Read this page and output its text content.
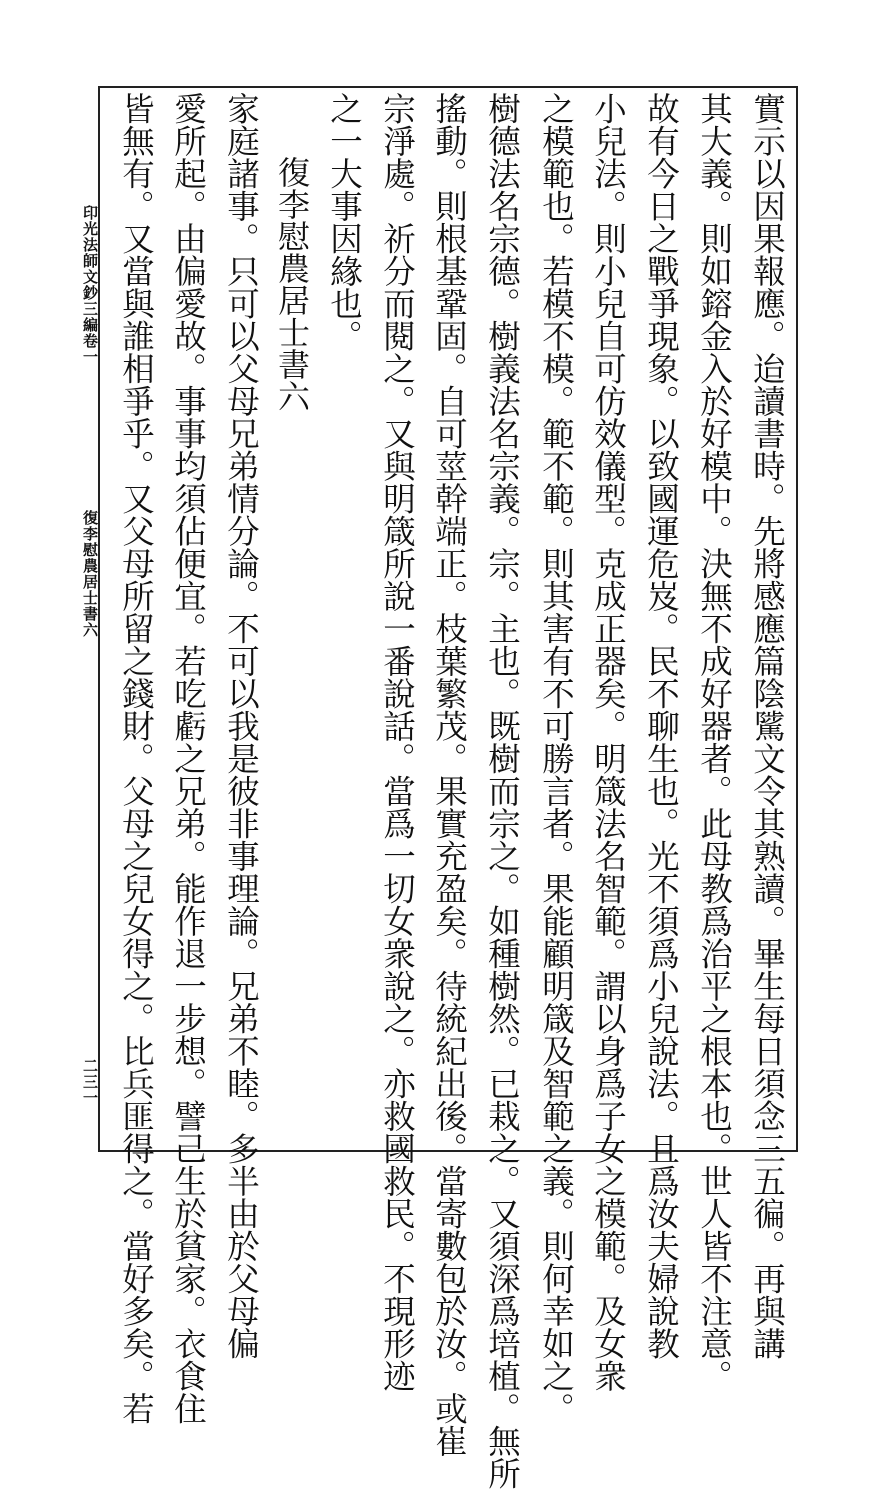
實示以因果報應。迨讀書時。先將感應篇陰騭文令其熟讀。畢生每日須念三五徧。再與講
其大義。則如鎔金入於好模中。決無不成好器者。此母教爲治平之根本也。世人皆不注意。
故有今日之戰爭現象。以致國運危岌。民不聊生也。光不須爲小兒說法。且爲汝夫婦說教
小兒法。則小兒自可仿效儀型。克成正器矣。明箴法名智範。謂以身爲子女之模範。及女衆
之模範也。若模不模。範不範。則其害有不可勝言者。果能顧明箴及智範之義。則何幸如之。
樹德法名宗德。樹義法名宗義。宗。主也。既樹而宗之。如種樹然。已栽之。又須深爲培植。無所
搖動。則根基鞏固。自可莖幹端正。枝葉繁茂。果實充盈矣。待統紀出後。當寄數包於汝。或崔
宗淨處。祈分而閱之。又與明箴所說一番說話。當爲一切女衆說之。亦救國救民。不現形迹
之一大事因緣也。
　　復李慰農居士書六
家庭諸事。只可以父母兄弟情分論。不可以我是彼非事理論。兄弟不睦。多半由於父母偏
愛所起。由偏愛故。事事均須佔便宜。若吃虧之兄弟。能作退一步想。譬己生於貧家。衣食住
皆無有。又當與誰相爭乎。又父母所留之錢財。父母之兒女得之。比兵匪得之。當好多矣。若
印光法師文鈔三編卷一
復李慰農居士書六
二三一
